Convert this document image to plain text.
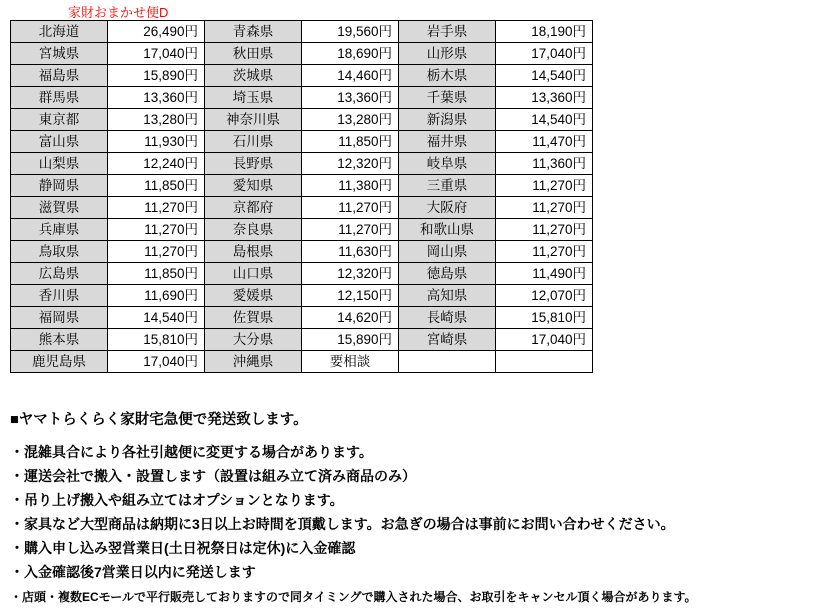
家財おまかせ便D
北海道	26,490円	青森県	19,560円	岩手県	18,190円
宮城県	17,040円	秋田県	18,690円	山形県	17,040円
福島県	15,890円	茨城県	14,460円	栃木県	14,540円
群馬県	13,360円	埼玉県	13,360円	千葉県	13,360円
東京都	13,280円	神奈川県	13,280円	新潟県	14,540円
富山県	11,930円	石川県	11,850円	福井県	11,470円
山梨県	12,240円	長野県	12,320円	岐阜県	11,360円
静岡県	11,850円	愛知県	11,380円	三重県	11,270円
滋賀県	11,270円	京都府	11,270円	大阪府	11,270円
兵庫県	11,270円	奈良県	11,270円	和歌山県	11,270円
鳥取県	11,270円	島根県	11,630円	岡山県	11,270円
広島県	11,850円	山口県	12,320円	徳島県	11,490円
香川県	11,690円	愛媛県	12,150円	高知県	12,070円
福岡県	14,540円	佐賀県	14,620円	長崎県	15,810円
熊本県	15,810円	大分県	15,890円	宮崎県	17,040円
鹿児島県	17,040円	沖縄県	要相談		
■ヤマトらくらく家財宅急便で発送致します。
・混雑具合により各社引越便に変更する場合があります。
・運送会社で搬入・設置します（設置は組み立て済み商品のみ）
・吊り上げ搬入や組み立てはオプションとなります。
・家具など大型商品は納期に3日以上お時間を頂戴します。お急ぎの場合は事前にお問い合わせください。
・購入申し込み翌営業日(土日祝祭日は定休)に入金確認
・入金確認後7営業日以内に発送します
・店頭・複数ECモールで平行販売しておりますので同タイミングで購入された場合、お取引をキャンセル頂く場合があります。
